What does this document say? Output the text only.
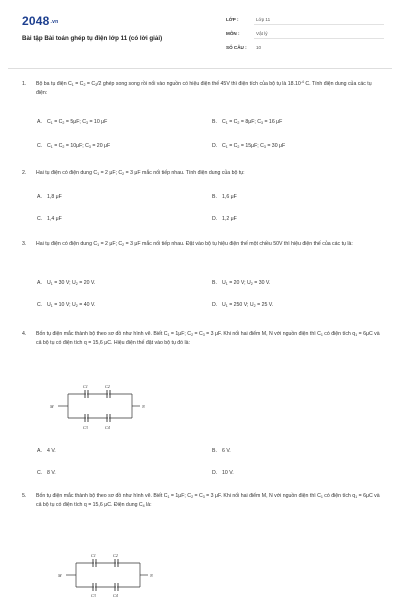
2048.vn
Bài tập Bài toán ghép tụ điện lớp 11 (có lời giải)
LỚP :	Lớp 11
MÔN :	Vật lý
SỐ CÂU : 10
1.	Bộ ba tụ điện $C_1 = C_2 = C_3/2$ ghép song song rồi nối vào nguồn có hiệu điện thế 45V thì điện tích của bộ tụ là $18.10^{-4}$ C. Tính điện dung của các tụ điện:
A. $C_1 = C_2 = 5\mu F$; $C_3 = 10$ μF	B. $C_1 = C_2 = 8\mu F$; $C_3 = 16$ μF
C. $C_1 = C_2 = 10\mu F$; $C_3 = 20$ μF	D. $C_1 = C_2 = 15\mu F$; $C_3 = 30$ μF
2.	Hai tụ điện có điện dung $C_1 = 2$ μF; $C_2 = 3$ μF mắc nối tiếp nhau. Tính điện dung của bộ tụ:
A. 1,8 μF	B. 1,6 μF
C. 1,4 μF	D. 1,2 μF
3.	Hai tụ điện có điện dung $C_1 = 2$ μF; $C_2 = 3$ μF mắc nối tiếp nhau. Đặt vào bộ tụ hiệu điện thế một chiều 50V thì hiệu điện thế của các tụ là:
A. $U_1 = 30$ V; $U_2 = 20$ V.	B. $U_1 = 20$ V; $U_2 = 30$ V.
C. $U_1 = 10$ V; $U_2 = 40$ V.	D. $U_1 = 250$ V; $U_2 = 25$ V.
4.	Bốn tụ điện mắc thành bộ theo sơ đồ như hình vẽ. Biết $C_1 = 1\mu F$; $C_2 = C_3 = 3$ μF. Khi nối hai điểm M, N với nguồn điện thì $C_1$ có điện tích $q_1 = 6\mu C$ và cả bộ tụ có điện tích q = 15,6 μC. Hiệu điện thế đặt vào bộ tụ đó là:
M	N
C1	C2
C3	C4
A. 4 V.	B. 6 V.
C. 8 V.	D. 10 V.
5.	Bốn tụ điện mắc thành bộ theo sơ đồ như hình vẽ. Biết $C_1 = 1\mu F$; $C_2 = C_3 = 3$ μF. Khi nối hai điểm M, N với nguồn điện thì $C_1$ có điện tích $q_1 = 6\mu C$ và cả bộ tụ có điện tích q = 15,6 μC. Điện dung $C_4$ là:
M	N
C1	C2
C3	C4
